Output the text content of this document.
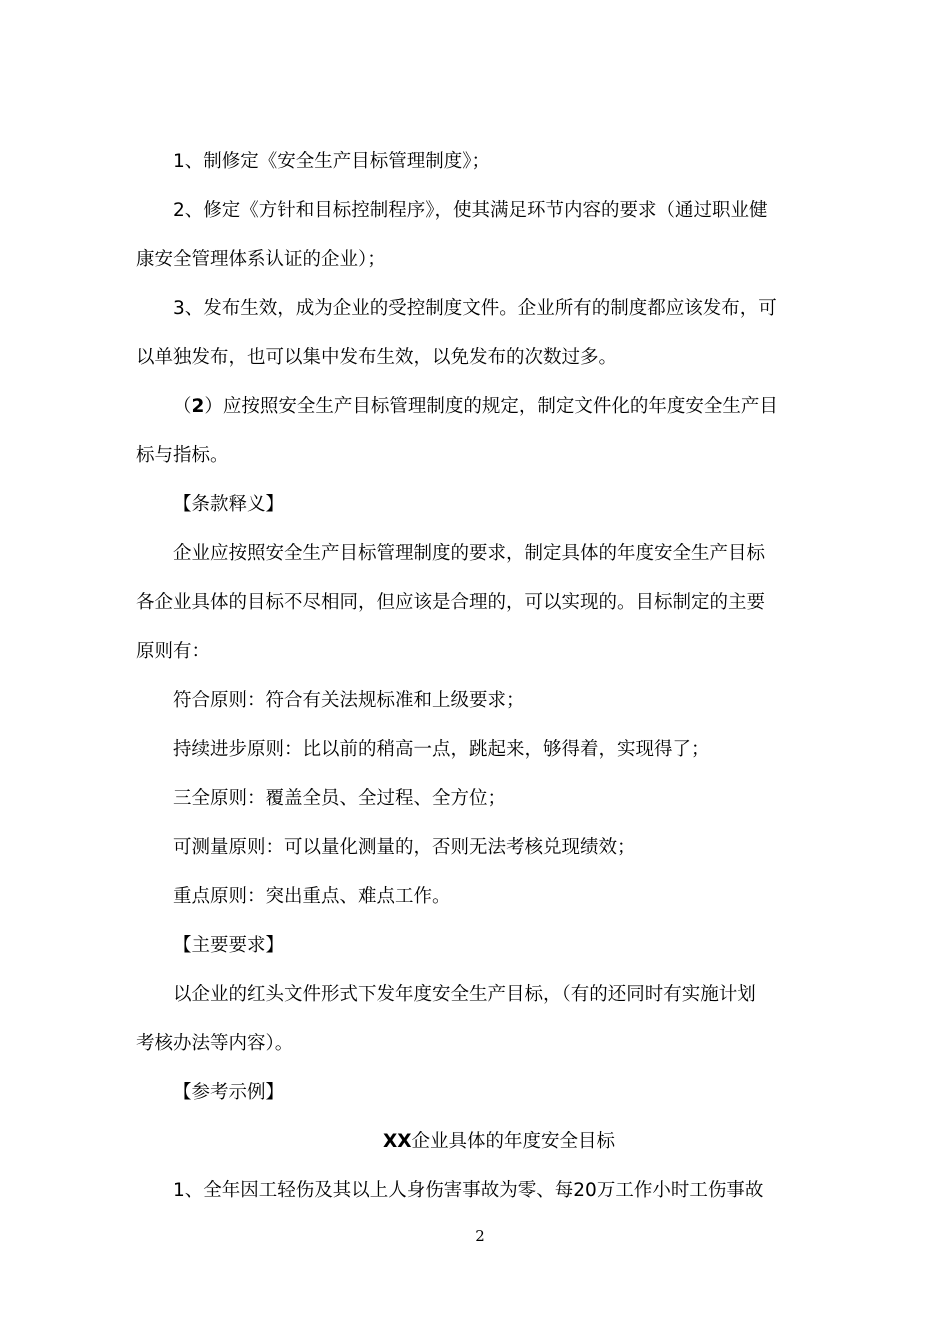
1、制修定《安全生产目标管理制度》；
2、修定《方针和目标控制程序》，使其满足环节内容的要求（通过职业健
康安全管理体系认证的企业）；
3、发布生效，成为企业的受控制度文件。企业所有的制度都应该发布，可
以单独发布，也可以集中发布生效，以免发布的次数过多。
（2）应按照安全生产目标管理制度的规定，制定文件化的年度安全生产目
标与指标。
【条款释义】
企业应按照安全生产目标管理制度的要求，制定具体的年度安全生产目标
各企业具体的目标不尽相同，但应该是合理的，可以实现的。目标制定的主要
原则有：
符合原则：符合有关法规标准和上级要求；
持续进步原则：比以前的稍高一点，跳起来，够得着，实现得了；
三全原则：覆盖全员、全过程、全方位；
可测量原则：可以量化测量的，否则无法考核兑现绩效；
重点原则：突出重点、难点工作。
【主要要求】
以企业的红头文件形式下发年度安全生产目标，（有的还同时有实施计划
考核办法等内容）。
【参考示例】
XX企业具体的年度安全目标
1、全年因工轻伤及其以上人身伤害事故为零、每20万工作小时工伤事故
2
